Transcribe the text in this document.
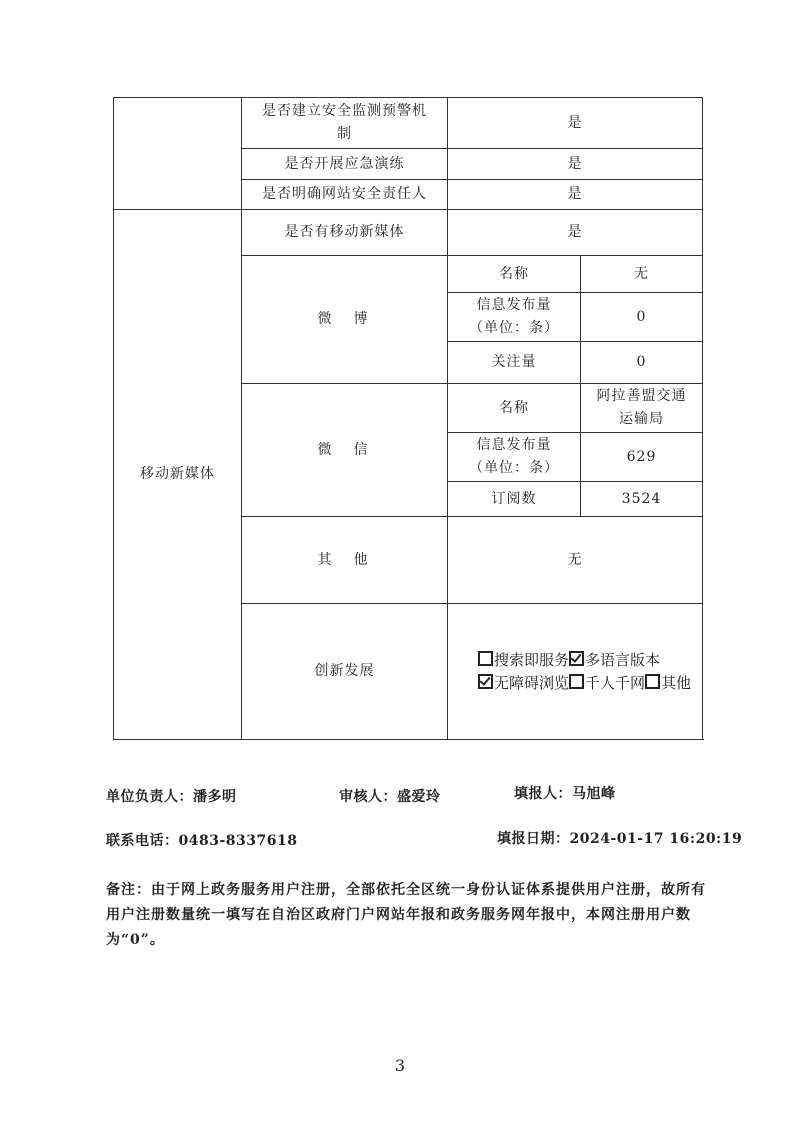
	是否建立安全监测预警机制	是	
	是否开展应急演练	是	
	是否明确网站安全责任人	是	
移动新媒体	是否有移动新媒体	是	
	微　博	名称	无
		信息发布量
（单位：条）	0
		关注量	0
	微　信	名称	阿拉善盟交通运输局
		信息发布量
（单位：条）	629
		订阅数	3524
	其　他	无	
	创新发展	搜索即服务 多语言版本无障碍浏览 千人千网 其他	
单位负责人：潘多明	审核人：盛爱玲	填报人：马旭峰
联系电话：0483-8337618	填报日期：2024-01-17 16:20:19
备注：由于网上政务服务用户注册，全部依托全区统一身份认证体系提供用户注册，故所有用户注册数量统一填写在自治区政府门户网站年报和政务服务网年报中，本网注册用户数为“0”。
3
